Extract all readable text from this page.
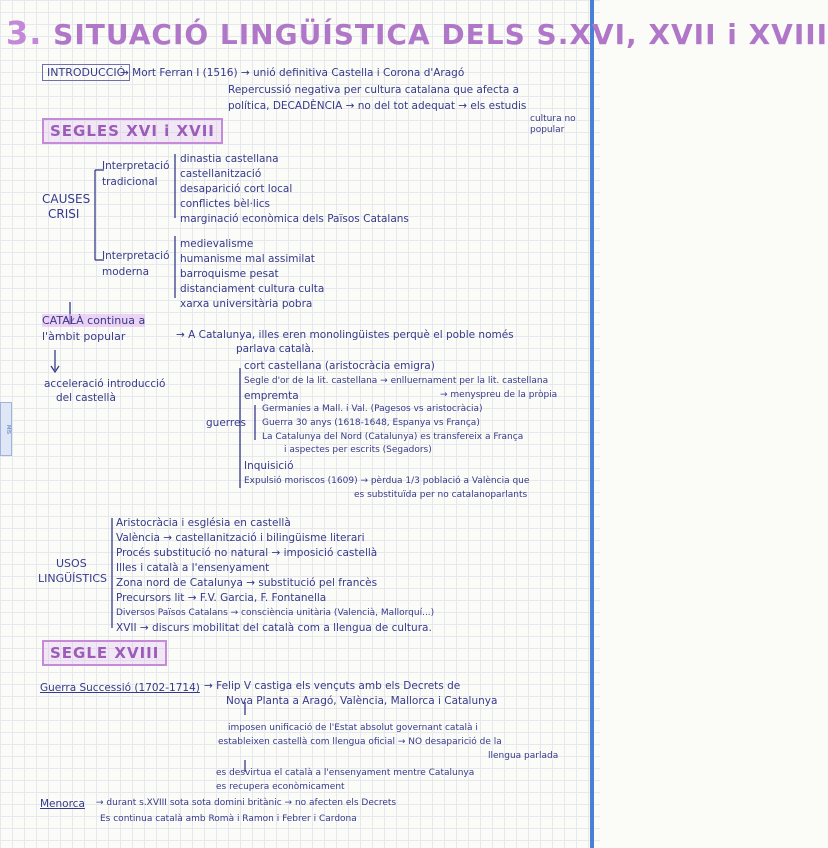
MIS
3. SITUACIÓ LINGÜÍSTICA DELS S.XVI, XVII i XVIII
INTRODUCCIÓ
→ Mort Ferran I (1516) → unió definitiva Castella i Corona d'Aragó
Repercussió negativa per cultura catalana que afecta a
política, DECADÈNCIA → no del tot adequat → els estudis
cultura no
popular
SEGLES XVI i XVII
CAUSES
CRISI
Interpretació
tradicional
dinastia castellana
castellanització
desaparició cort local
conflictes bèl·lics
marginació econòmica dels Països Catalans
Interpretació
moderna
medievalisme
humanisme mal assimilat
barroquisme pesat
distanciament cultura culta
xarxa universitària pobra
CATALÀ continua a
l'àmbit popular	→ A Catalunya, illes eren monolingüistes perquè el poble només
parlava català.
acceleració introducció
del castellà
cort castellana (aristocràcia emigra)
Segle d'or de la lit. castellana → enlluernament per la lit. castellana
empremta	→ menyspreu de la pròpia
Germanies a Mall. i Val. (Pagesos vs aristocràcia)
guerres Guerra 30 anys (1618-1648, Espanya vs França)
La Catalunya del Nord (Catalunya) es transfereix a França
i aspectes per escrits (Segadors)
Inquisició
Expulsió moriscos (1609) → pèrdua 1/3 població a València que
es substituïda per no catalanoparlants
USOS
LINGÜÍSTICS
Aristocràcia i església en castellà
València → castellanització i bilingüisme literari
Procés substitució no natural → imposició castellà
Illes i català a l'ensenyament
Zona nord de Catalunya → substitució pel francès
Precursors lit → F.V. Garcia, F. Fontanella
Diversos Països Catalans → consciència unitària (Valencià, Mallorquí...)
XVII → discurs mobilitat del català com a llengua de cultura.
SEGLE XVIII
Guerra Successió (1702-1714) → Felip V castiga els vençuts amb els Decrets de
Nova Planta a Aragó, València, Mallorca i Catalunya
imposen unificació de l'Estat absolut governant català i
estableixen castellà com llengua oficial → NO desaparició de la
llengua parlada
es desvirtua el català a l'ensenyament mentre Catalunya
es recupera econòmicament
Menorca → durant s.XVIII sota sota domini britànic → no afecten els Decrets
Es continua català amb Romà i Ramon i Febrer i Cardona
